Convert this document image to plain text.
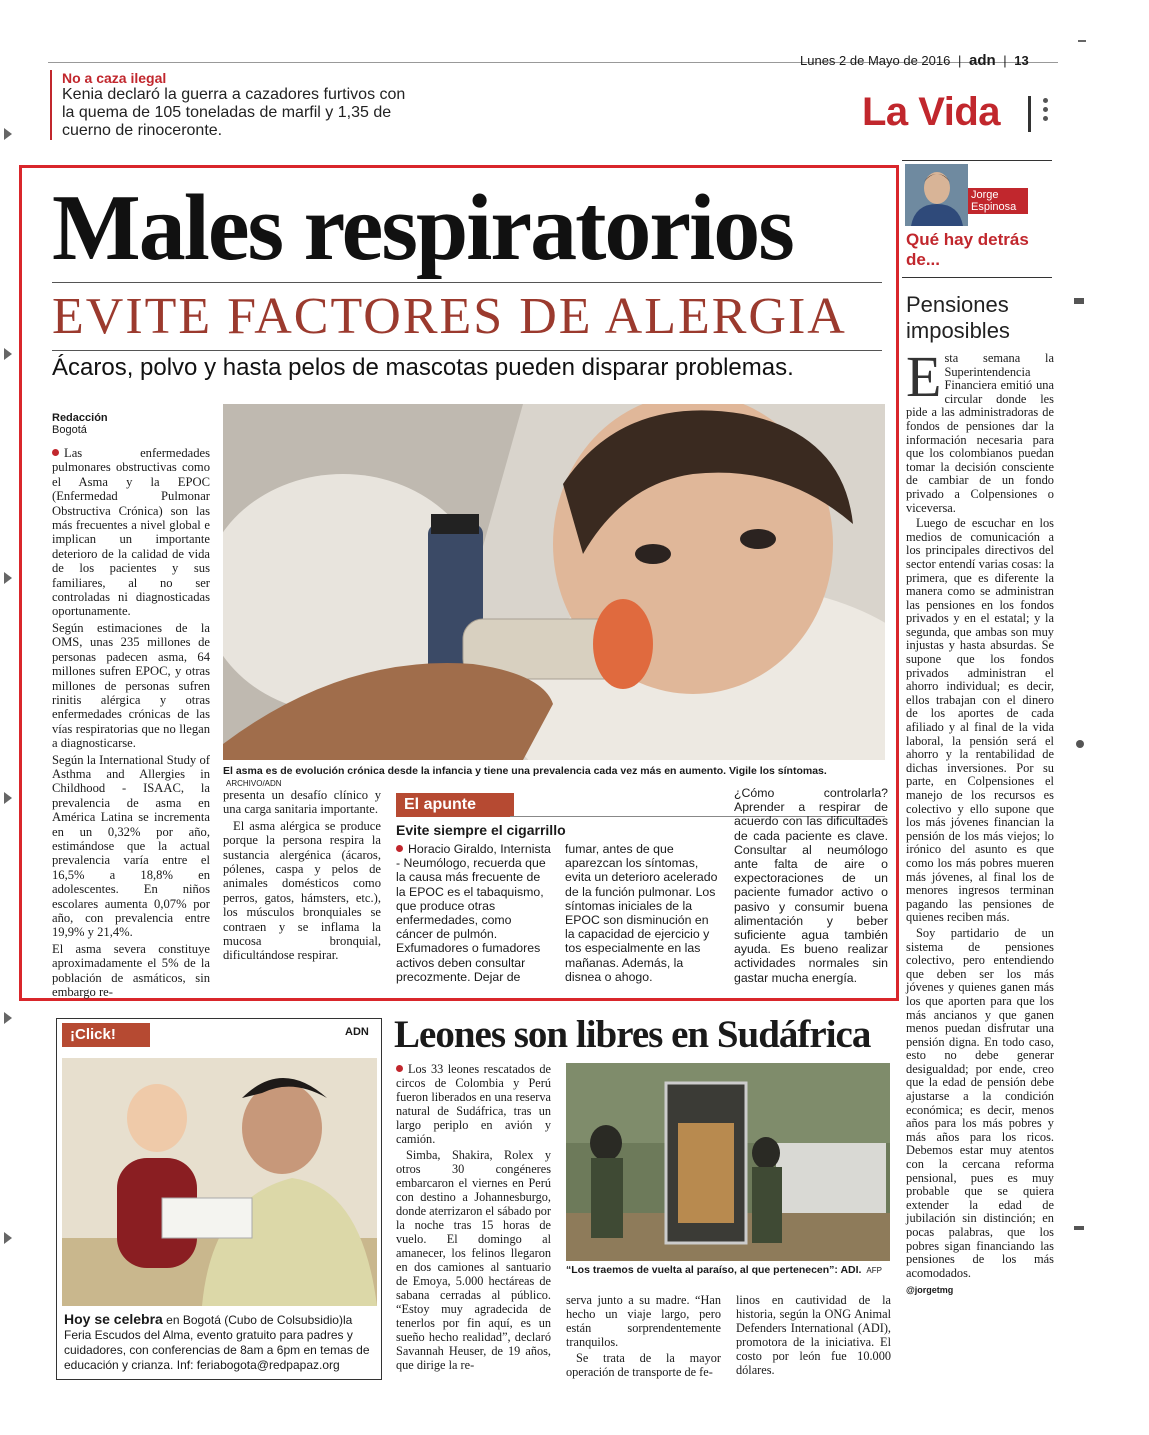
No a caza ilegal
Kenia declaró la guerra a cazadores furtivos con la quema de 105 toneladas de marfil y 1,35 de cuerno de rinoceronte.
Lunes 2 de Mayo de 2016 | adn | 13
La Vida
Males respiratorios
EVITE FACTORES DE ALERGIA
Ácaros, polvo y hasta pelos de mascotas pueden disparar problemas.
Redacción
Bogotá

Las enfermedades pulmonares obstructivas como el Asma y la EPOC (Enfermedad Pulmonar Obstructiva Crónica) son las más frecuentes a nivel global e implican un importante deterioro de la calidad de vida de los pacientes y sus familiares, al no ser controladas ni diagnosticadas oportunamente.

Según estimaciones de la OMS, unas 235 millones de personas padecen asma, 64 millones sufren EPOC, y otras millones de personas sufren rinitis alérgica y otras enfermedades crónicas de las vías respiratorias que no llegan a diagnosticarse.

Según la International Study of Asthma and Allergies in Childhood - ISAAC, la prevalencia de asma en América Latina se incrementa en un 0,32% por año, estimándose que la actual prevalencia varía entre el 16,5% a 18,8% en adolescentes. En niños escolares aumenta 0,07% por año, con prevalencia entre 19,9% y 21,4%.

El asma severa constituye aproximadamente el 5% de la población de asmáticos, sin embargo re-

El asma es de evolución crónica desde la infancia y tiene una prevalencia cada vez más en aumento. Vigile los síntomas. ARCHIVO/ADN

presenta un desafío clínico y una carga sanitaria importante.

El asma alérgica se produce porque la persona respira la sustancia alergénica (ácaros, pólenes, caspa y pelos de animales domésticos como perros, gatos, hámsters, etc.), los músculos bronquiales se contraen y se inflama la mucosa bronquial, dificultándose respirar.

El apunte
Evite siempre el cigarrillo
Horacio Giraldo, Internista - Neumólogo, recuerda que la causa más frecuente de la EPOC es el tabaquismo, que produce otras enfermedades, como cáncer de pulmón. Exfumadores o fumadores activos deben consultar precozmente. Dejar de
fumar, antes de que aparezcan los síntomas, evita un deterioro acelerado de la función pulmonar. Los síntomas iniciales de la EPOC son disminución en la capacidad de ejercicio y tos especialmente en las mañanas. Además, la disnea o ahogo.
¿Cómo controlarla? Aprender a respirar de acuerdo con las dificultades de cada paciente es clave. Consultar al neumólogo ante falta de aire o expectoraciones de un paciente fumador activo o pasivo y consumir buena alimentación y beber suficiente agua también ayuda. Es bueno realizar actividades normales sin gastar mucha energía.
Jorge Espinosa
Qué hay detrás de...
Pensiones imposibles
E sta semana la Superintendencia Financiera emitió una circular donde les pide a las administradoras de fondos de pensiones dar la información necesaria para que los colombianos puedan tomar la decisión consciente de cambiar de un fondo privado a Colpensiones o viceversa.

Luego de escuchar en los medios de comunicación a los principales directivos del sector entendí varias cosas: la primera, que es diferente la manera como se administran las pensiones en los fondos privados y en el estatal; y la segunda, que ambas son muy injustas y hasta absurdas. Se supone que los fondos privados administran el ahorro individual; es decir, ellos trabajan con el dinero de los aportes de cada afiliado y al final de la vida laboral, la pensión será el ahorro y la rentabilidad de dichas inversiones. Por su parte, en Colpensiones el manejo de los recursos es colectivo y ello supone que los más jóvenes financian la pensión de los más viejos; lo irónico del asunto es que como los más pobres mueren más jóvenes, al final los de menores ingresos terminan pagando las pensiones de quienes reciben más.

Soy partidario de un sistema de pensiones colectivo, pero entendiendo que deben ser los más jóvenes y quienes ganen más los que aporten para que los más ancianos y que ganen menos puedan disfrutar una pensión digna. En todo caso, esto no debe generar desigualdad; por ende, creo que la edad de pensión debe ajustarse a la condición económica; es decir, menos años para los más pobres y más años para los ricos. Debemos estar muy atentos con la cercana reforma pensional, pues es muy probable que se quiera extender la edad de jubilación sin distinción; en pocas palabras, que los pobres sigan financiando las pensiones de los más acomodados.

@jorgetmg
¡Click!	ADN
Hoy se celebra en Bogotá (Cubo de Colsubsidio)la Feria Escudos del Alma, evento gratuito para padres y cuidadores, con conferencias de 8am a 6pm en temas de educación y crianza. Inf: feriabogota@redpapaz.org
Leones son libres en Sudáfrica

Los 33 leones rescatados de circos de Colombia y Perú fueron liberados en una reserva natural de Sudáfrica, tras un largo periplo en avión y camión.

Simba, Shakira, Rolex y otros 30 congéneres embarcaron el viernes en Perú con destino a Johannesburgo, donde aterrizaron el sábado por la noche tras 15 horas de vuelo. El domingo al amanecer, los felinos llegaron en dos camiones al santuario de Emoya, 5.000 hectáreas de sabana cerradas al público. “Estoy muy agradecida de tenerlos por fin aquí, es un sueño hecho realidad”, declaró Savannah Heuser, de 19 años, que dirige la re-

“Los traemos de vuelta al paraíso, al que pertenecen”: ADI. AFP

serva junto a su madre. “Han hecho un viaje largo, pero están sorprendentemente tranquilos.

Se trata de la mayor operación de transporte de fe-

linos en cautividad de la historia, según la ONG Animal Defenders International (ADI), promotora de la iniciativa. El costo por león fue 10.000 dólares.
